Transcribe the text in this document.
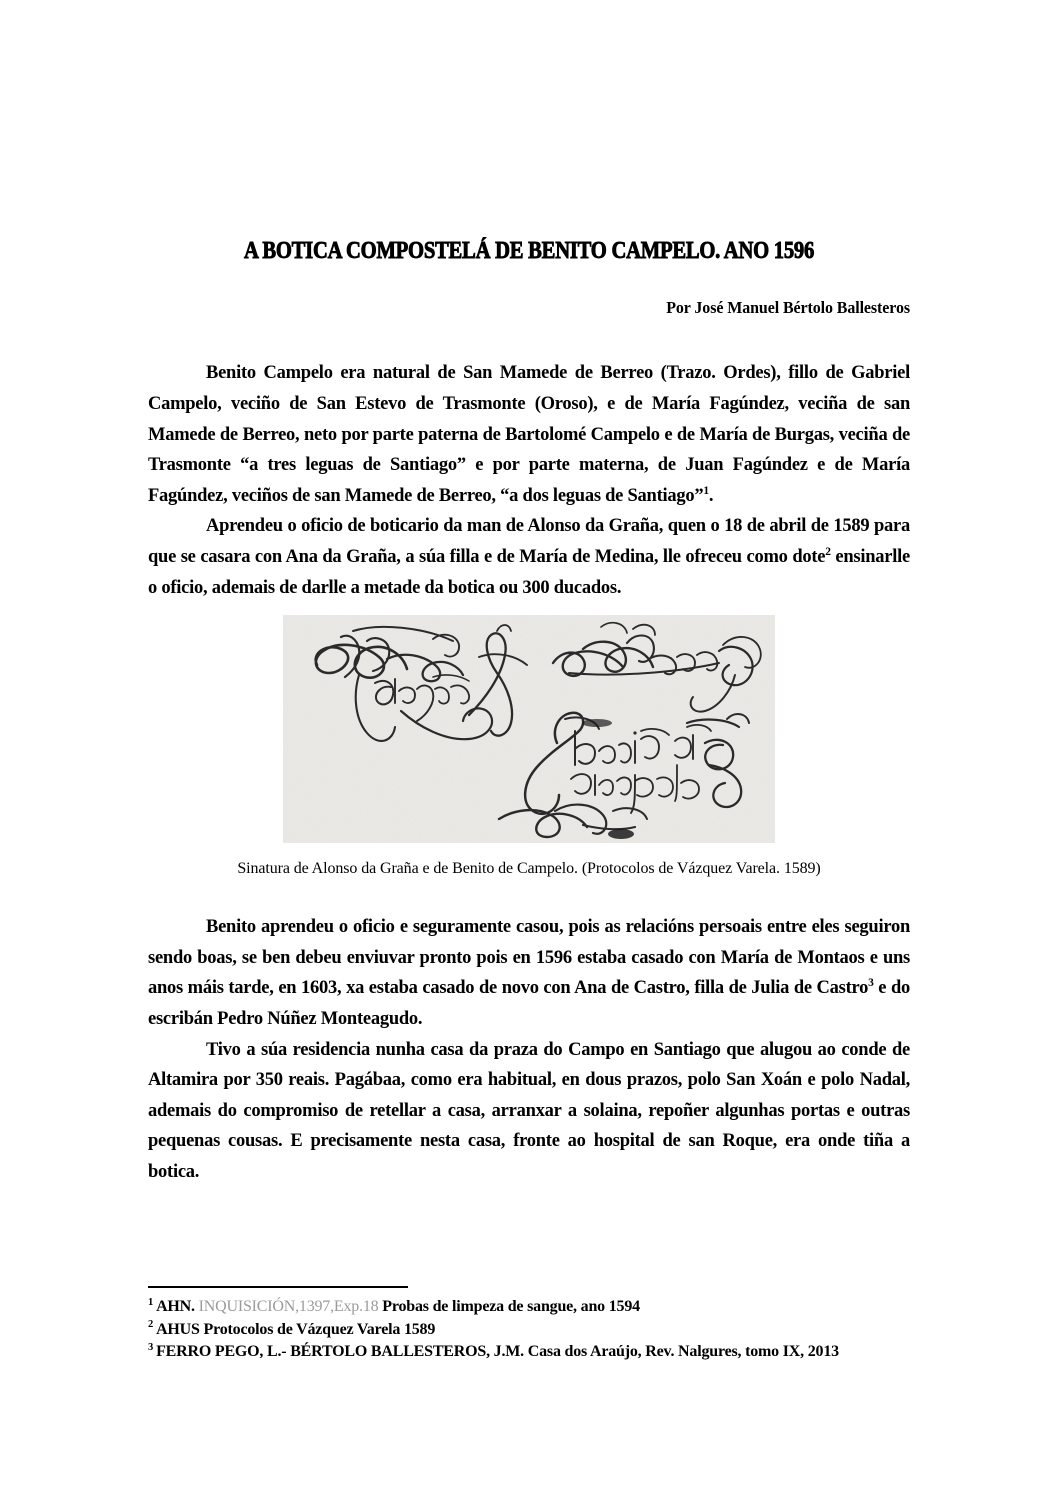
A BOTICA COMPOSTELÁ DE BENITO CAMPELO. ANO 1596

Por José Manuel Bértolo Ballesteros

Benito Campelo era natural de San Mamede de Berreo (Trazo. Ordes), fillo de Gabriel Campelo, veciño de San Estevo de Trasmonte (Oroso), e de María Fagúndez, veciña de san Mamede de Berreo, neto por parte paterna de Bartolomé Campelo e de María de Burgas, veciña de Trasmonte “a tres leguas de Santiago” e por parte materna, de Juan Fagúndez e de María Fagúndez, veciños de san Mamede de Berreo, “a dos leguas de Santiago”$^1$.

Aprendeu o oficio de boticario da man de Alonso da Graña, quen o 18 de abril de 1589 para que se casara con Ana da Graña, a súa filla e de María de Medina, lle ofreceu como dote$^2$ ensinarlle o oficio, ademais de darlle a metade da botica ou 300 ducados.

Sinatura de Alonso da Graña e de Benito de Campelo. (Protocolos de Vázquez Varela. 1589)

Benito aprendeu o oficio e seguramente casou, pois as relacións persoais entre eles seguiron sendo boas, se ben debeu enviuvar pronto pois en 1596 estaba casado con María de Montaos e uns anos máis tarde, en 1603, xa estaba casado de novo con Ana de Castro, filla de Julia de Castro$^3$ e do escribán Pedro Núñez Monteagudo.

Tivo a súa residencia nunha casa da praza do Campo en Santiago que alugou ao conde de Altamira por 350 reais. Pagábaa, como era habitual, en dous prazos, polo San Xoán e polo Nadal, ademais do compromiso de retellar a casa, arranxar a solaina, repoñer algunhas portas e outras pequenas cousas. E precisamente nesta casa, fronte ao hospital de san Roque, era onde tiña a botica.

$^1$ AHN. INQUISICIÓN,1397,Exp.18 Probas de limpeza de sangue, ano 1594

$^2$ AHUS Protocolos de Vázquez Varela 1589

$^3$ FERRO PEGO, L.- BÉRTOLO BALLESTEROS, J.M. Casa dos Araújo, Rev. Nalgures, tomo IX, 2013
